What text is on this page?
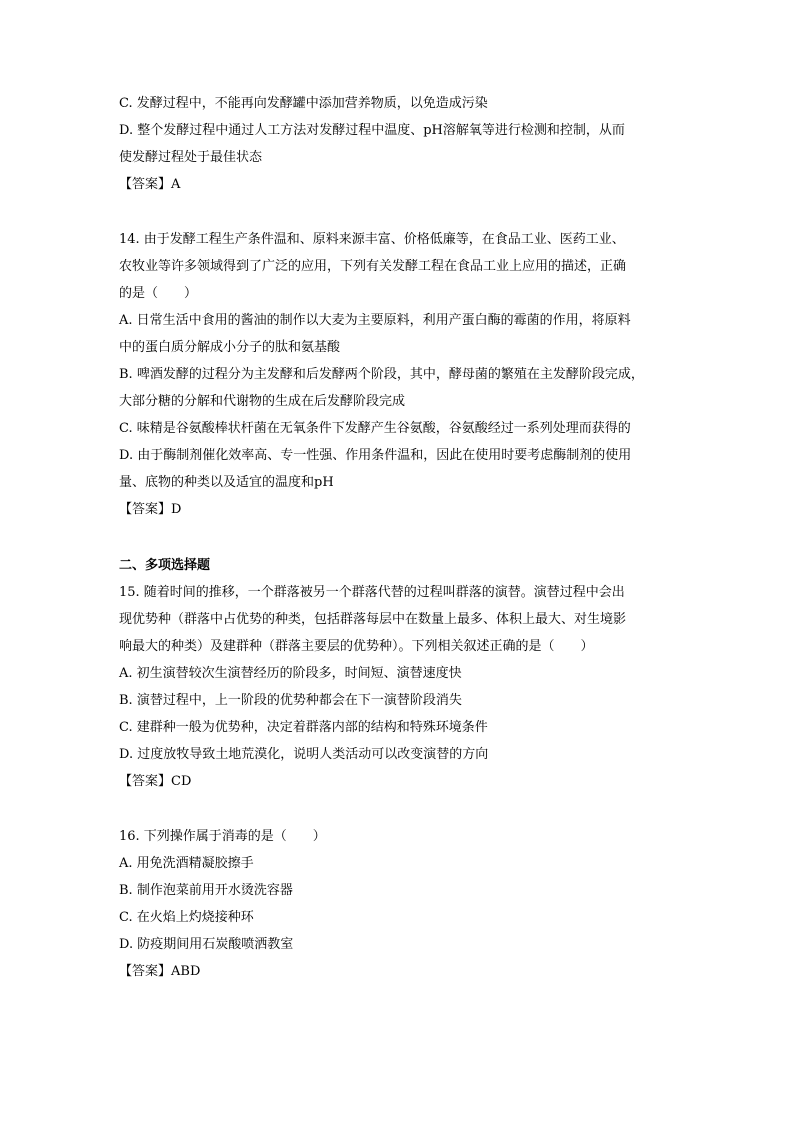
C. 发酵过程中，不能再向发酵罐中添加营养物质，以免造成污染
D. 整个发酵过程中通过人工方法对发酵过程中温度、pH溶解氧等进行检测和控制，从而
使发酵过程处于最佳状态
【答案】A
14. 由于发酵工程生产条件温和、原料来源丰富、价格低廉等，在食品工业、医药工业、
农牧业等许多领域得到了广泛的应用，下列有关发酵工程在食品工业上应用的描述，正确
的是（　　）
A. 日常生活中食用的酱油的制作以大麦为主要原料，利用产蛋白酶的霉菌的作用，将原料
中的蛋白质分解成小分子的肽和氨基酸
B. 啤酒发酵的过程分为主发酵和后发酵两个阶段，其中，酵母菌的繁殖在主发酵阶段完成，
大部分糖的分解和代谢物的生成在后发酵阶段完成
C. 味精是谷氨酸棒状杆菌在无氧条件下发酵产生谷氨酸，谷氨酸经过一系列处理而获得的
D. 由于酶制剂催化效率高、专一性强、作用条件温和，因此在使用时要考虑酶制剂的使用
量、底物的种类以及适宜的温度和pH
【答案】D
二、多项选择题
15. 随着时间的推移，一个群落被另一个群落代替的过程叫群落的演替。演替过程中会出
现优势种（群落中占优势的种类，包括群落每层中在数量上最多、体积上最大、对生境影
响最大的种类）及建群种（群落主要层的优势种）。下列相关叙述正确的是（　　）
A. 初生演替较次生演替经历的阶段多，时间短、演替速度快
B. 演替过程中，上一阶段的优势种都会在下一演替阶段消失
C. 建群种一般为优势种，决定着群落内部的结构和特殊环境条件
D. 过度放牧导致土地荒漠化，说明人类活动可以改变演替的方向
【答案】CD
16. 下列操作属于消毒的是（　　）
A. 用免洗酒精凝胶擦手
B. 制作泡菜前用开水烫洗容器
C. 在火焰上灼烧接种环
D. 防疫期间用石炭酸喷洒教室
【答案】ABD
